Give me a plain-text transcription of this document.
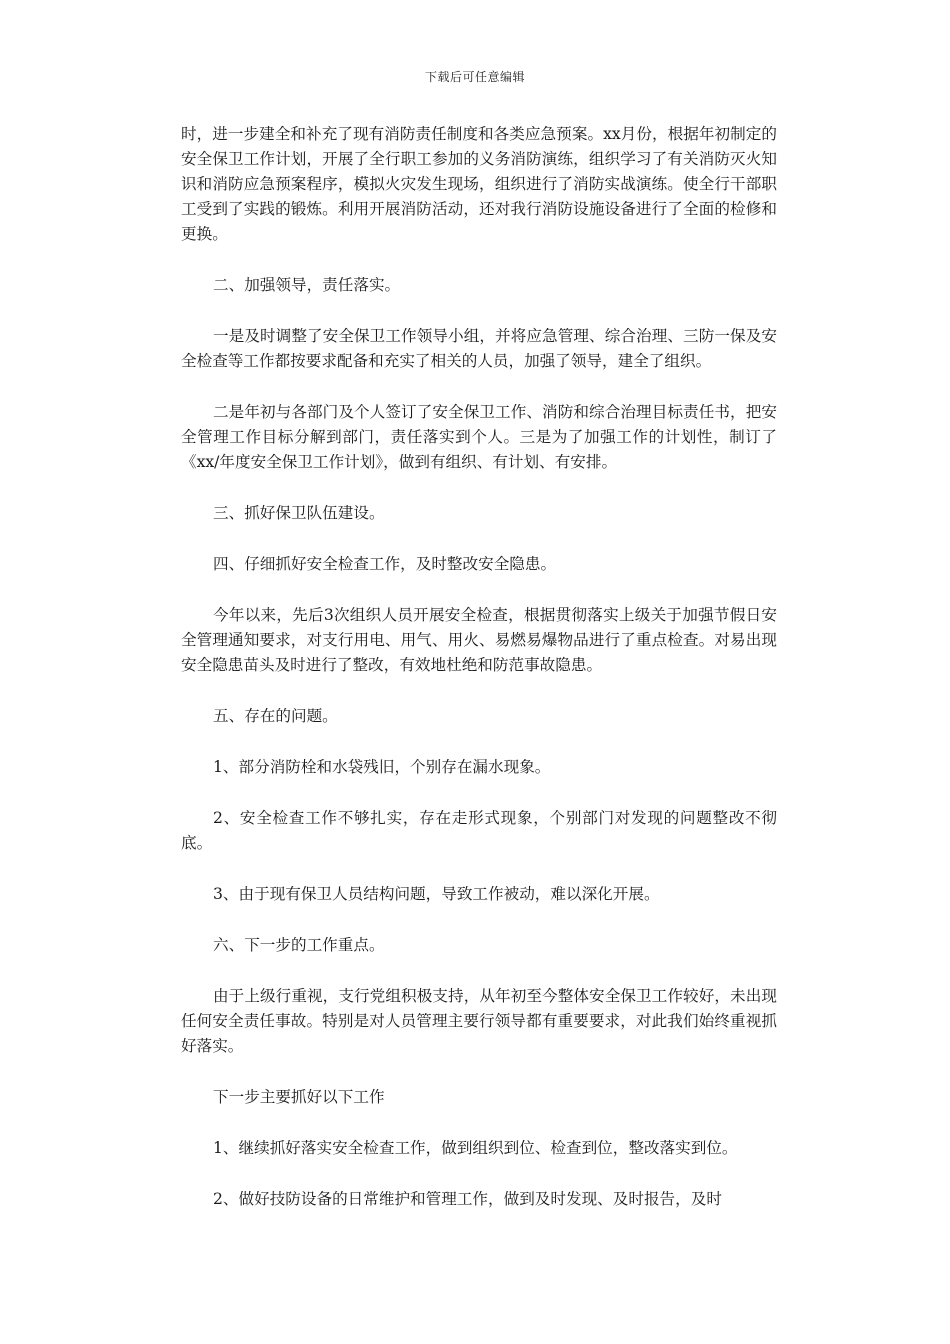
下载后可任意编辑

时，进一步建全和补充了现有消防责任制度和各类应急预案。xx月份，根据年初制定的安全保卫工作计划，开展了全行职工参加的义务消防演练，组织学习了有关消防灭火知识和消防应急预案程序，模拟火灾发生现场，组织进行了消防实战演练。使全行干部职工受到了实践的锻炼。利用开展消防活动，还对我行消防设施设备进行了全面的检修和更换。

二、加强领导，责任落实。

一是及时调整了安全保卫工作领导小组，并将应急管理、综合治理、三防一保及安全检查等工作都按要求配备和充实了相关的人员，加强了领导，建全了组织。

二是年初与各部门及个人签订了安全保卫工作、消防和综合治理目标责任书，把安全管理工作目标分解到部门，责任落实到个人。三是为了加强工作的计划性，制订了《xx/年度安全保卫工作计划》，做到有组织、有计划、有安排。

三、抓好保卫队伍建设。

四、仔细抓好安全检查工作，及时整改安全隐患。

今年以来，先后3次组织人员开展安全检查，根据贯彻落实上级关于加强节假日安全管理通知要求，对支行用电、用气、用火、易燃易爆物品进行了重点检查。对易出现安全隐患苗头及时进行了整改，有效地杜绝和防范事故隐患。

五、存在的问题。

1、部分消防栓和水袋残旧，个别存在漏水现象。

2、安全检查工作不够扎实，存在走形式现象，个别部门对发现的问题整改不彻底。

3、由于现有保卫人员结构问题，导致工作被动，难以深化开展。

六、下一步的工作重点。

由于上级行重视，支行党组积极支持，从年初至今整体安全保卫工作较好，未出现任何安全责任事故。特别是对人员管理主要行领导都有重要要求，对此我们始终重视抓好落实。

下一步主要抓好以下工作

1、继续抓好落实安全检查工作，做到组织到位、检查到位，整改落实到位。

2、做好技防设备的日常维护和管理工作，做到及时发现、及时报告，及时
